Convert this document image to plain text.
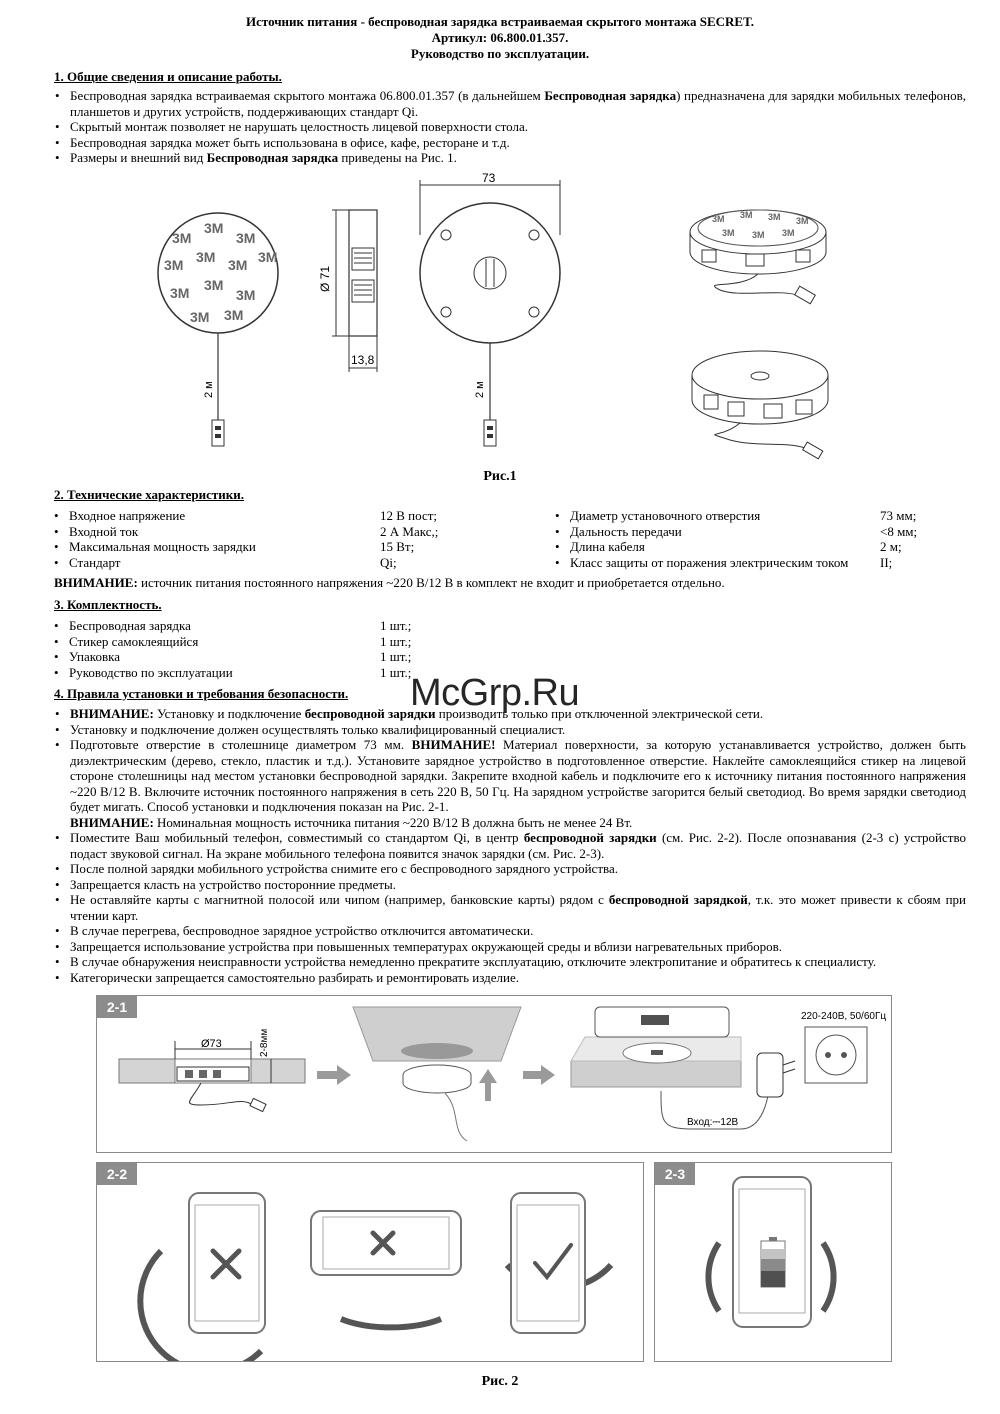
Источник питания - беспроводная зарядка встраиваемая скрытого монтажа SECRET.
Артикул: 06.800.01.357.
Руководство по эксплуатации.
1. Общие сведения и описание работы.
• Беспроводная зарядка встраиваемая скрытого монтажа 06.800.01.357 (в дальнейшем Беспроводная зарядка) предназначена для зарядки мобильных телефонов, планшетов и других устройств, поддерживающих стандарт Qi.
• Скрытый монтаж позволяет не нарушать целостность лицевой поверхности стола.
• Беспроводная зарядка может быть использована в офисе, кафе, ресторане и т.д.
• Размеры и внешний вид Беспроводная зарядка приведены на Рис. 1.
3M
3M
3M
3M 3M 3M 3M
3M 3M
3M
3M 3M
2 м
Ø 71
13,8
73
2 м
3M 3M 3M 3M
3M 3M 3M
Рис.1
2. Технические характеристики.
• Входное напряжение	12 В пост;
• Входной ток	2 А Макс,;
• Максимальная мощность зарядки	15 Вт;
• Стандарт	Qi;
• Диаметр установочного отверстия	73 мм;
• Дальность передачи	<8 мм;
• Длина кабеля	2 м;
• Класс защиты от поражения электрическим током II;
ВНИМАНИЕ: источник питания постоянного напряжения ~220 В/12 В в комплект не входит и приобретается отдельно.
3. Комплектность.
• Беспроводная зарядка	1 шт.;
• Стикер самоклеящийся	1 шт.;
• Упаковка	1 шт.;
• Руководство по эксплуатации	1 шт.;
4. Правила установки и требования безопасности.
• ВНИМАНИЕ: Установку и подключение беспроводной зарядки производить только при отключенной электрической сети.
• Установку и подключение должен осуществлять только квалифицированный специалист.
• Подготовьте отверстие в столешнице диаметром 73 мм. ВНИМАНИЕ! Материал поверхности, за которую устанавливается устройство, должен быть диэлектрическим (дерево, стекло, пластик и т.д.). Установите зарядное устройство в подготовленное отверстие. Наклейте самоклеящийся стикер на лицевой стороне столешницы над местом установки беспроводной зарядки. Закрепите входной кабель и подключите его к источнику питания постоянного напряжения ~220 В/12 В. Включите источник постоянного напряжения в сеть 220 В, 50 Гц. На зарядном устройстве загорится белый светодиод. Во время зарядки светодиод будет мигать. Способ установки и подключения показан на Рис. 2-1.
ВНИМАНИЕ: Номинальная мощность источника питания ~220 В/12 В должна быть не менее 24 Вт.
• Поместите Ваш мобильный телефон, совместимый со стандартом Qi, в центр беспроводной зарядки (см. Рис. 2-2). После опознавания (2-3 с) устройство подаст звуковой сигнал. На экране мобильного телефона появится значок зарядки (см. Рис. 2-3).
• После полной зарядки мобильного устройства снимите его с беспроводного зарядного устройства.
• Запрещается класть на устройство посторонние предметы.
• Не оставляйте карты с магнитной полосой или чипом (например, банковские карты) рядом с беспроводной зарядкой, т.к. это может привести к сбоям при чтении карт.
• В случае перегрева, беспроводное зарядное устройство отключится автоматически.
• Запрещается использование устройства при повышенных температурах окружающей среды и вблизи нагревательных приборов.
• В случае обнаружения неисправности устройства немедленно прекратите эксплуатацию, отключите электропитание и обратитесь к специалисту.
• Категорически запрещается самостоятельно разбирать и ремонтировать изделие.
McGrp.Ru
2-1
Ø73	2-8мм
Вход:⎓12В
220-240В, 50/60Гц
2-2	2-3
Рис. 2
